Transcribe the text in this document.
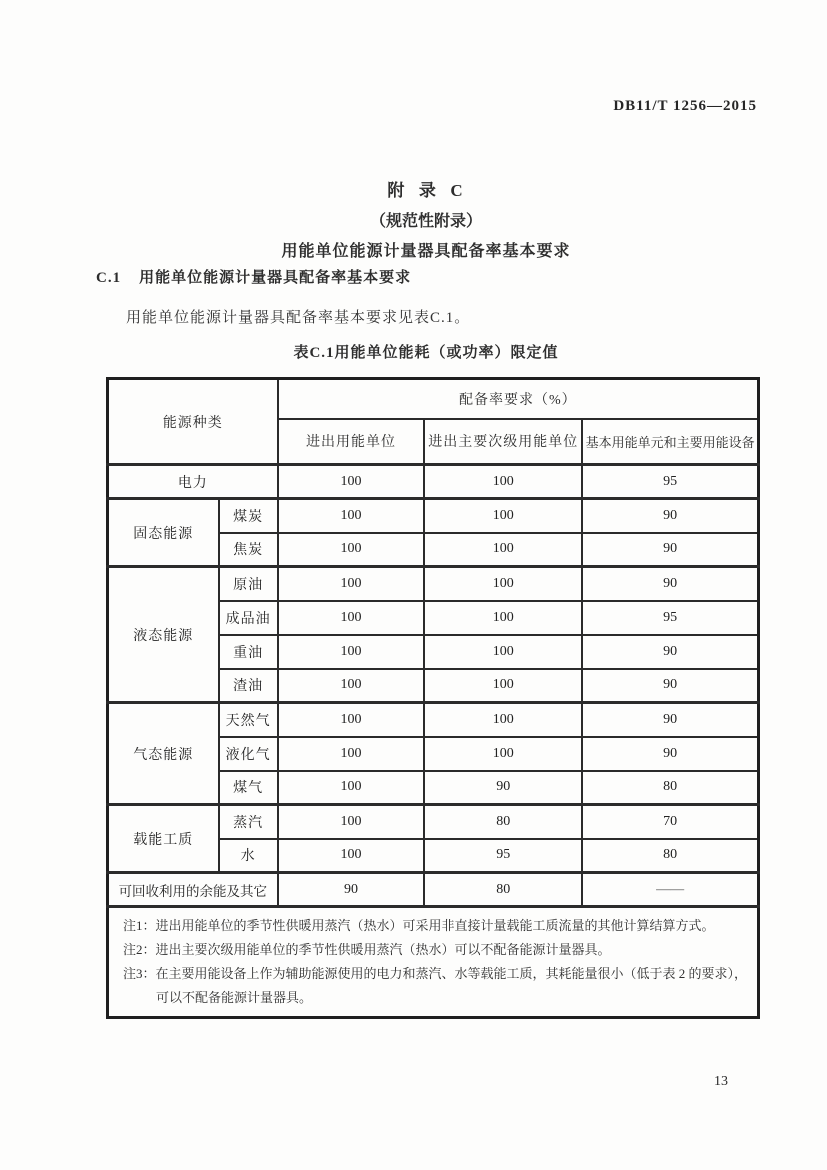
DB11/T 1256—2015
附  录  C
（规范性附录）
用能单位能源计量器具配备率基本要求
C.1 用能单位能源计量器具配备率基本要求
用能单位能源计量器具配备率基本要求见表C.1。
表C.1用能单位能耗（或功率）限定值
能源种类		配备率要求（%）		
		进出用能单位	进出主要次级用能单位	基本用能单元和主要用能设备
电力		100	100	95
固态能源	煤炭	100	100	90
	焦炭	100	100	90
液态能源	原油	100	100	90
	成品油	100	100	95
	重油	100	100	90
	渣油	100	100	90
气态能源	天然气	100	100	90
	液化气	100	100	90
	煤气	100	90	80
载能工质	蒸汽	100	80	70
	水	100	95	80
可回收利用的余能及其它		90	80	——

注1：进出用能单位的季节性供暖用蒸汽（热水）可采用非直接计量载能工质流量的其他计算结算方式。
注2：进出主要次级用能单位的季节性供暖用蒸汽（热水）可以不配备能源计量器具。
注3：在主要用能设备上作为辅助能源使用的电力和蒸汽、水等载能工质，其耗能量很小（低于表 2 的要求），
可以不配备能源计量器具。				
13
